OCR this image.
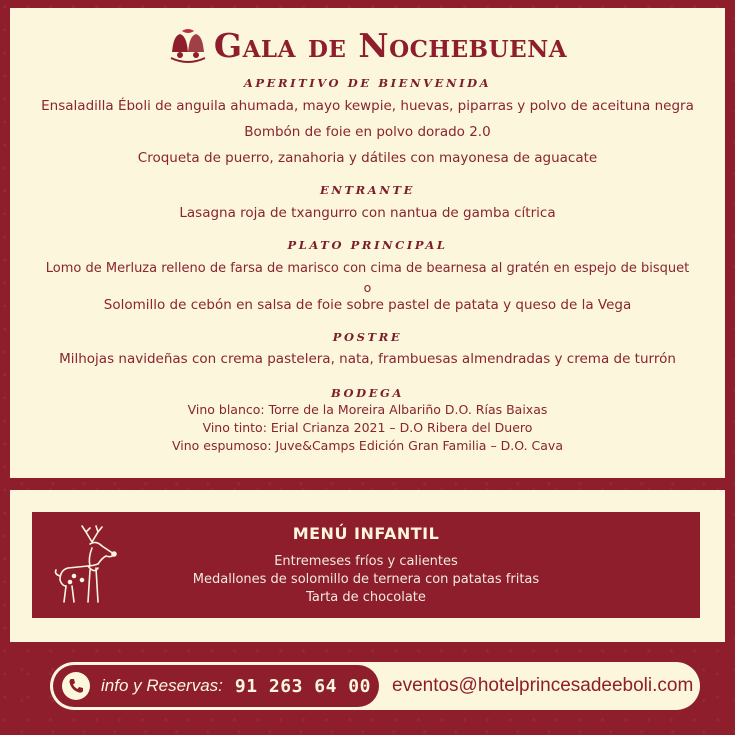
Gala de Nochebuena
APERITIVO DE BIENVENIDA
Ensaladilla Éboli de anguila ahumada, mayo kewpie, huevas, piparras y polvo de aceituna negra
Bombón de foie en polvo dorado 2.0
Croqueta de puerro, zanahoria y dátiles con mayonesa de aguacate
ENTRANTE
Lasagna roja de txangurro con nantua de gamba cítrica
PLATO PRINCIPAL
Lomo de Merluza relleno de farsa de marisco con cima de bearnesa al gratén en espejo de bisquet
o
Solomillo de cebón en salsa de foie sobre pastel de patata y queso de la Vega
POSTRE
Milhojas navideñas con crema pastelera, nata, frambuesas almendradas y crema de turrón
BODEGA
Vino blanco: Torre de la Moreira Albariño D.O. Rías Baixas
Vino tinto: Erial Crianza 2021 – D.O Ribera del Duero
Vino espumoso: Juve&Camps Edición Gran Familia – D.O. Cava
MENÚ INFANTIL
Entremeses fríos y calientes
Medallones de solomillo de ternera con patatas fritas
Tarta de chocolate
info y Reservas: 91 263 64 00 eventos@hotelprincesadeeboli.com
